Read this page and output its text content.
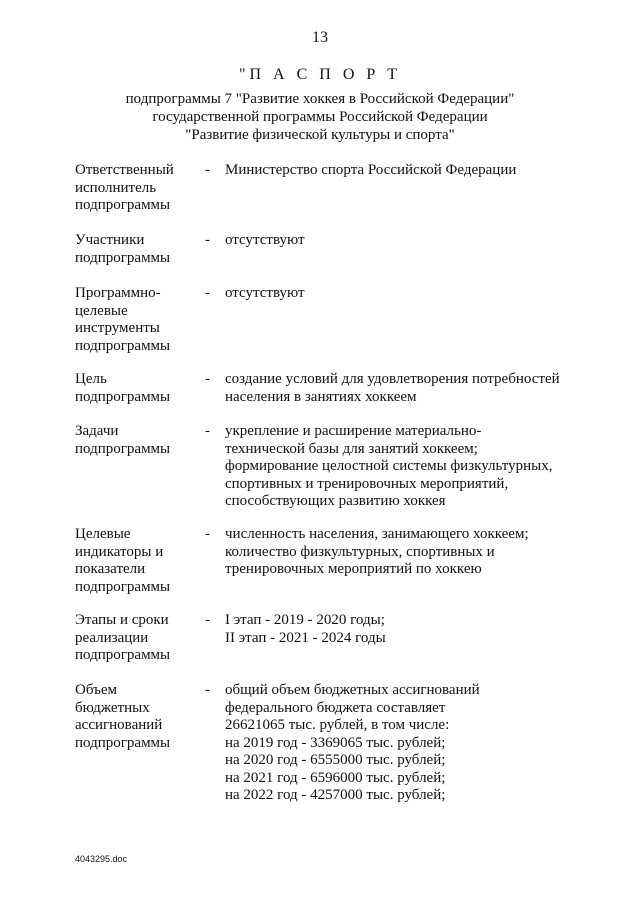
13
"П А С П О Р Т
подпрограммы 7 "Развитие хоккея в Российской Федерации"
государственной программы Российской Федерации
"Развитие физической культуры и спорта"
Ответственный
исполнитель
подпрограммы
- Министерство спорта Российской Федерации
Участники
подпрограммы
- отсутствуют
Программно-
целевые
инструменты
подпрограммы
- отсутствуют
Цель
подпрограммы
- создание условий для удовлетворения потребностей
населения в занятиях хоккеем
Задачи
подпрограммы
- укрепление и расширение материально-
технической базы для занятий хоккеем;
формирование целостной системы физкультурных,
спортивных и тренировочных мероприятий,
способствующих развитию хоккея
Целевые
индикаторы и
показатели
подпрограммы
- численность населения, занимающего хоккеем;
количество физкультурных, спортивных и
тренировочных мероприятий по хоккею
Этапы и сроки
реализации
подпрограммы
- I этап - 2019 - 2020 годы;
II этап - 2021 - 2024 годы
Объем
бюджетных
ассигнований
подпрограммы
- общий объем бюджетных ассигнований
федерального бюджета составляет
26621065 тыс. рублей, в том числе:
на 2019 год - 3369065 тыс. рублей;
на 2020 год - 6555000 тыс. рублей;
на 2021 год - 6596000 тыс. рублей;
на 2022 год - 4257000 тыс. рублей;
4043295.doc
